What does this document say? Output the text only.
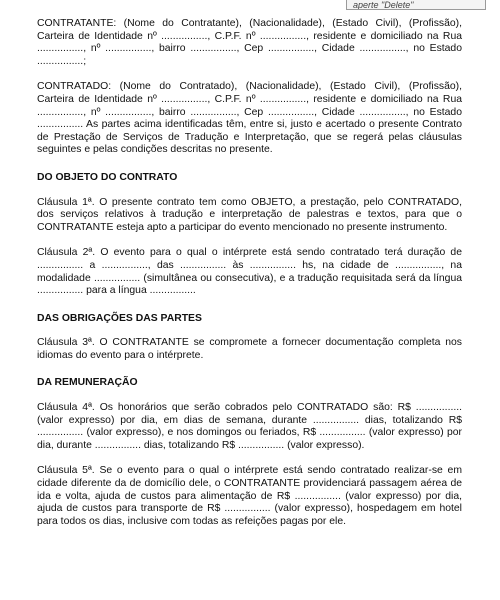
aperte "Delete"

CONTRATANTE: (Nome do Contratante), (Nacionalidade), (Estado Civil), (Profissão), Carteira de Identidade nº ................, C.P.F. nº ................, residente e domiciliado na Rua ................, nº ................, bairro ................, Cep ................, Cidade ................, no Estado ................;

CONTRATADO: (Nome do Contratado), (Nacionalidade), (Estado Civil), (Profissão), Carteira de Identidade nº ................, C.P.F. nº ................, residente e domiciliado na Rua ................, nº ................, bairro ................, Cep ................, Cidade ................, no Estado ................ As partes acima identificadas têm, entre si, justo e acertado o presente Contrato de Prestação de Serviços de Tradução e Interpretação, que se regerá pelas cláusulas seguintes e pelas condições descritas no presente.

DO OBJETO DO CONTRATO

Cláusula 1ª. O presente contrato tem como OBJETO, a prestação, pelo CONTRATADO, dos serviços relativos à tradução e interpretação de palestras e textos, para que o CONTRATANTE esteja apto a participar do evento mencionado no presente instrumento.

Cláusula 2ª. O evento para o qual o intérprete está sendo contratado terá duração de ................ a ................, das ................ às ................ hs, na cidade de ................, na modalidade ................ (simultânea ou consecutiva), e a tradução requisitada será da língua ................ para a língua ................

DAS OBRIGAÇÕES DAS PARTES

Cláusula 3ª. O CONTRATANTE se compromete a fornecer documentação completa nos idiomas do evento para o intérprete.

DA REMUNERAÇÃO

Cláusula 4ª. Os honorários que serão cobrados pelo CONTRATADO são: R$ ................ (valor expresso) por dia, em dias de semana, durante ................ dias, totalizando R$ ................ (valor expresso), e nos domingos ou feriados, R$ ................ (valor expresso) por dia, durante ................ dias, totalizando R$ ................ (valor expresso).

Cláusula 5ª. Se o evento para o qual o intérprete está sendo contratado realizar-se em cidade diferente da de domicílio dele, o CONTRATANTE providenciará passagem aérea de ida e volta, ajuda de custos para alimentação de R$ ................ (valor expresso) por dia, ajuda de custos para transporte de R$ ................ (valor expresso), hospedagem em hotel para todos os dias, inclusive com todas as refeições pagas por ele.
